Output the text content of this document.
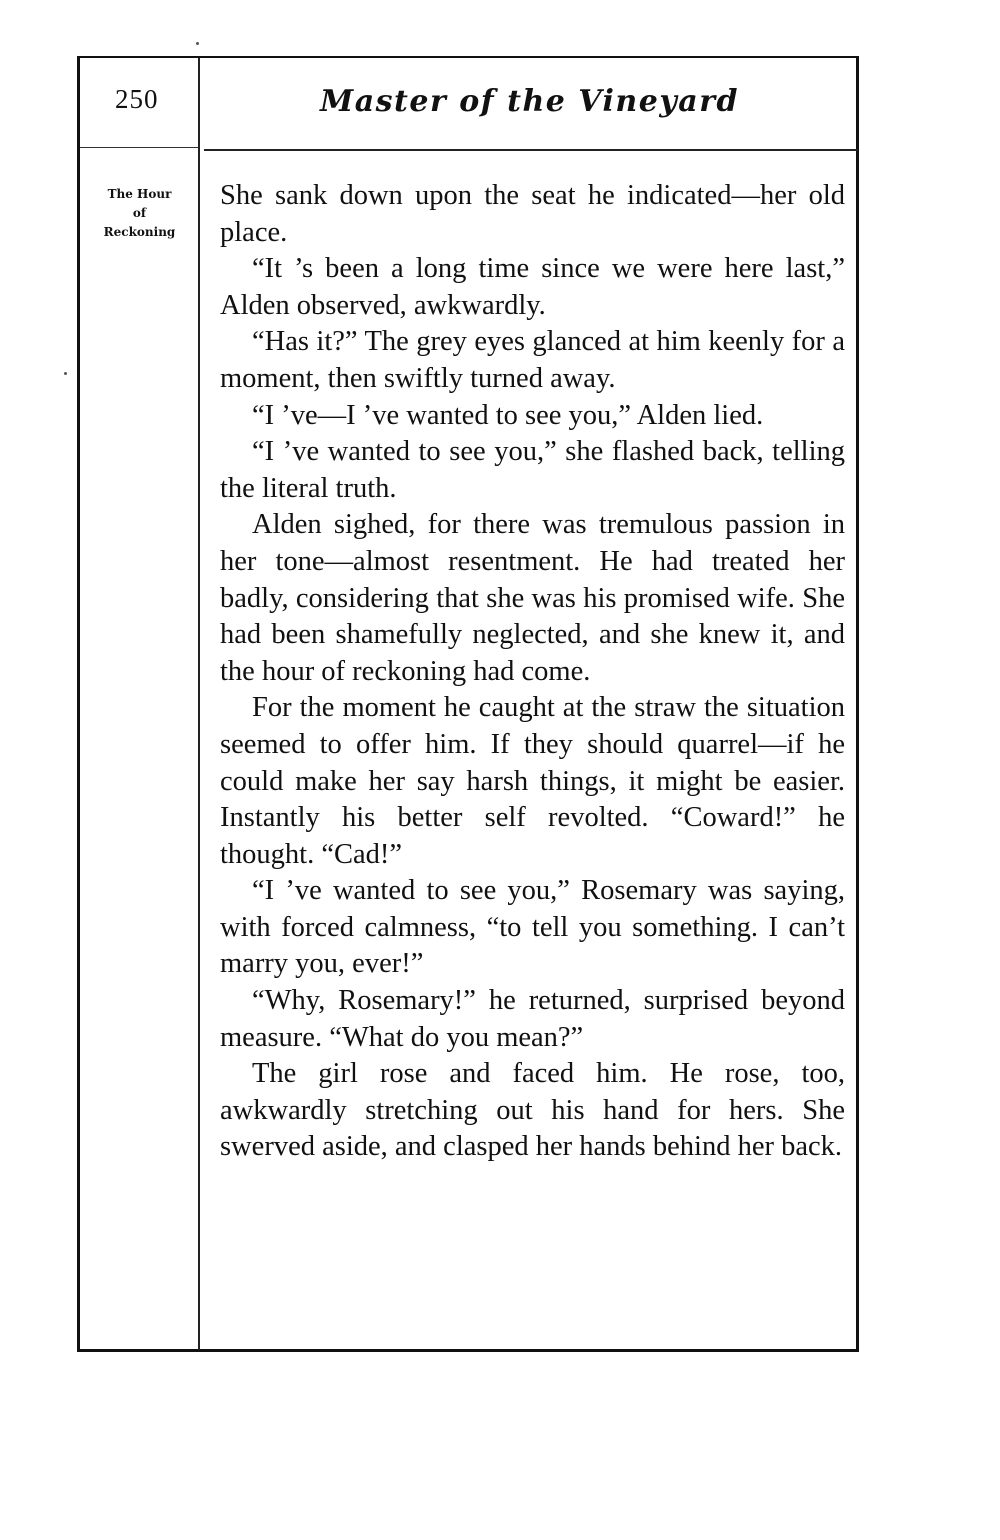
250	Master of the Vineyard
The Hour
of
Reckoning

She sank down upon the seat he indicated—her old place.

“It ’s been a long time since we were here last,” Alden observed, awkwardly.

“Has it?” The grey eyes glanced at him keenly for a moment, then swiftly turned away.

“I ’ve—I ’ve wanted to see you,” Alden lied.

“I ’ve wanted to see you,” she flashed back, telling the literal truth.

Alden sighed, for there was tremulous passion in her tone—almost resentment. He had treated her badly, considering that she was his promised wife. She had been shamefully neglected, and she knew it, and the hour of reckoning had come.

For the moment he caught at the straw the situation seemed to offer him. If they should quarrel—if he could make her say harsh things, it might be easier. Instantly his better self revolted. “Coward!” he thought. “Cad!”

“I ’ve wanted to see you,” Rosemary was saying, with forced calmness, “to tell you something. I can’t marry you, ever!”

“Why, Rosemary!” he returned, surprised beyond measure. “What do you mean?”

The girl rose and faced him. He rose, too, awkwardly stretching out his hand for hers. She swerved aside, and clasped her hands behind her back.
